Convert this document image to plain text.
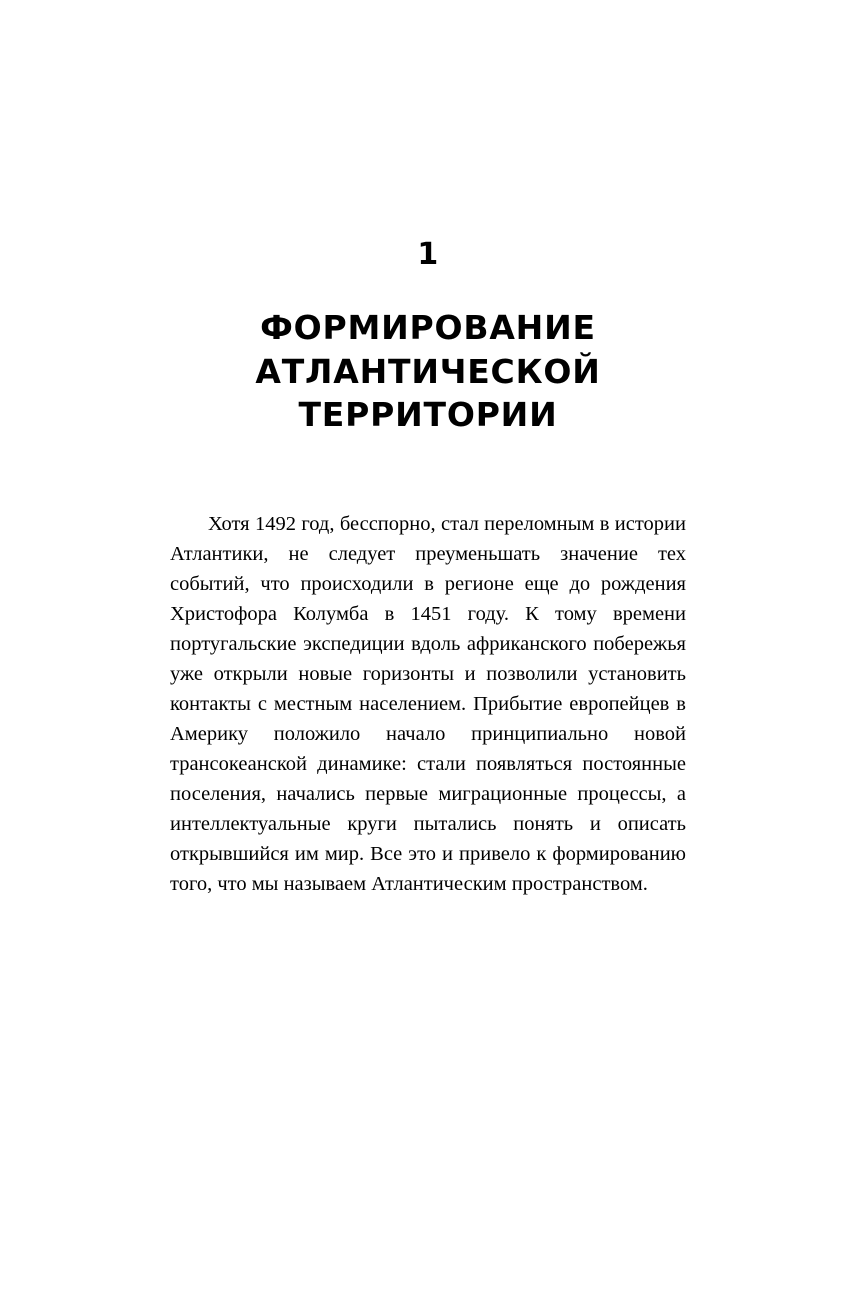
1
ФОРМИРОВАНИЕ
АТЛАНТИЧЕСКОЙ
ТЕРРИТОРИИ

Хотя 1492 год, бесспорно, стал переломным в истории Атлантики, не следует преуменьшать значение тех событий, что происходили в регионе еще до рождения Христофора Колумба в 1451 году. К тому времени португальские экспедиции вдоль африканского побережья уже открыли новые горизонты и позволили установить контакты с местным населением. Прибытие европейцев в Америку положило начало принципиально новой трансокеанской динамике: стали появляться постоянные поселения, начались первые миграционные процессы, а интеллектуальные круги пытались понять и описать открывшийся им мир. Все это и привело к формированию того, что мы называем Атлантическим пространством.
